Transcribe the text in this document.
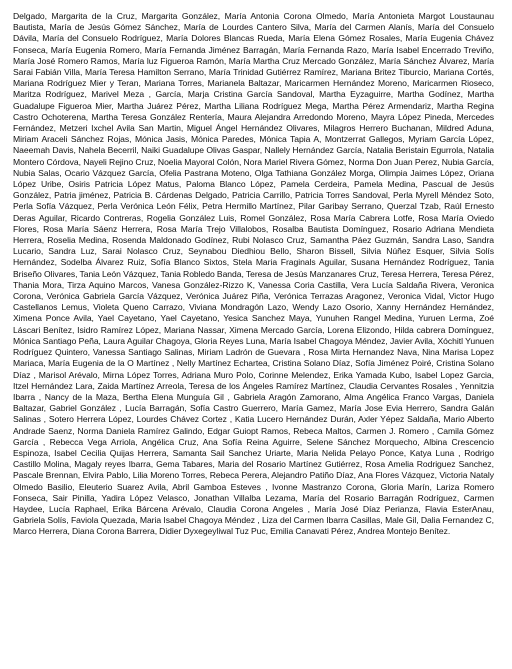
Delgado, Margarita de la Cruz, Margarita González, María Antonia Corona Olmedo, María Antonieta Margot Loustaunau Bautista, María de Jesús Gómez Sánchez, María de Lourdes Cantero Silva, María del Carmen Alanís, María del Consuelo Dávila, María del Consuelo Rodríguez, María Dolores Blancas Rueda, María Elena Gómez Rosales, María Eugenia Chávez Fonseca, María Eugenia Romero, María Fernanda Jiménez Barragán, María Fernanda Razo, María Isabel Encerrado Treviño, María José Romero Ramos, María luz Figueroa Ramón, María Martha Cruz Mercado González, María Sánchez Álvarez, María Sarai Fabián Villa, María Teresa Hamilton Serrano, María Trinidad Gutiérrez Ramírez, Mariana Britez Tiburcio, Mariana Cortés, Mariana Rodríguez Mier y Teran, Mariana Torres, Marianela Baltazar, Maricarmen Hernández Moreno, Maricarmen Rioseco, Maritza Rodríguez, Marivel Meza , García, Marja Cristina García Sandoval, Martha Eyzaguirre, Martha Godínez, Martha Guadalupe Figueroa Mier, Martha Juárez Pérez, Martha Liliana Rodríguez Mega, Martha Pérez Armendariz, Martha Regina Castro Ochoterena, Martha Teresa González Rentería, Maura Alejandra Arredondo Moreno, Mayra López Pineda, Mercedes Fernández, Metzeri Ixchel Avila San Martin, Miguel Ángel Hernández Olivares, Milagros Herrero Buchanan, Mildred Aduna, Miriam Araceli Sánchez Rojas, Mónica Jasis, Mónica Paredes, Mónica Tapia A, Montzerrat Gallegos, Myriam García López, Naeemah Davis, Nahela Becerril, Naiki Guadalupe Olivas Gaspar, Nallely Hernández García, Natalia Beristain Egurrola, Natalia Montero Córdova, Nayeli Rejino Cruz, Noelia Mayoral Colón, Nora Mariel Rivera Gómez, Norma Don Juan Perez, Nubia García, Nubia Salas, Ocario Vázquez García, Ofelia Pastrana Moteno, Olga Tathiana González Morga, Olimpia Jaimes López, Oriana López Uribe, Osiris Patricia López Matus, Paloma Blanco López, Pamela Cerdeira, Pamela Medina, Pascual de Jesús González, Patria jiménez, Patricia B. Cárdenas Delgado, Patricia Carrillo, Patricia Torres Sandoval, Perla Myrell Méndez Soto, Perla Sofía Vázquez, Perla Verónica León Félix, Petra Hermillo Martínez, Pilar Garibay Serrano, Querzal Tzab, Raúl Ernesto Deras Aguilar, Ricardo Contreras, Rogelia González Luis, Romel González, Rosa María Cabrera Lotfe, Rosa María Oviedo Flores, Rosa María Sáenz Herrera, Rosa María Trejo Villalobos, Rosalba Bautista Domínguez, Rosario Adriana Mendieta Herrera, Roselia Medina, Rosenda Maldonado Godínez, Rubi Nolasco Cruz, Samantha Páez Guzmán, Sandra Laso, Sandra Lucario, Sandra Luz, Sarai Nolasco Cruz, Seynabou Diedhiou Bello, Sharon Bissell, Silvia Núñez Esquer, Silvia Solís Hernández, Sodelba Álvarez Ruiz, Sofía Blanco Sixtos, Stela Maria Fraginals Aguilar, Susana Hernández Rodríguez, Tania Briseño Olivares, Tania León Vázquez, Tania Robledo Banda, Teresa de Jesús Manzanares Cruz, Teresa Herrera, Teresa Pérez, Thania Mora, Tirza Aquino Marcos, Vanesa González-Rizzo K, Vanessa Coria Castilla, Vera Lucía Saldaña Rivera, Veronica Corona, Verónica Gabriela García Vázquez, Verónica Juárez Piña, Verónica Terrazas Aragonez, Veronica Vidal, Victor Hugo Castellanos Lemus, Violeta Queno Carrazo, Viviana Mondragón Lazo, Wendy Lazo Osorio, Xanny Hernández Hernández, Ximena Ponce Avila, Yael Cayetano, Yael Cayetano, Yesica Sanchez Maya, Yunuhen Rangel Medina, Yuruen Lerma, Zoé Láscari Benítez, Isidro Ramírez López, Mariana Nassar, Ximena Mercado García, Lorena Elizondo, Hilda cabrera Domínguez, Mónica Santiago Peña, Laura Aguilar Chagoya, Gloria Reyes Luna, María Isabel Chagoya Méndez, Javier Avila, Xóchitl Yunuen Rodríguez Quintero, Vanessa Santiago Salinas, Miriam Ladrón de Guevara , Rosa Mirta Hernandez Nava, Nina Marisa Lopez Mariaca, María Eugenia de la O Martínez , Nelly Martínez Echartea, Cristina Solano Díaz, Sofía Jiménez Poiré, Cristina Solano Díaz , Marisol Arévalo, Mirna López Torres, Adriana Muro Polo, Corinne Melendez, Erika Yamada Kubo, Isabel Lopez Garcia, Itzel Hernández Lara, Zaida Martínez Arreola, Teresa de los Ángeles Ramírez Martínez, Claudia Cervantes Rosales , Yennitzia Ibarra , Nancy de la Maza, Bertha Elena Munguía Gil , Gabriela Aragón Zamorano, Alma Angélica Franco Vargas, Daniela Baltazar, Gabriel González , Lucía Barragán, Sofía Castro Guerrero, María Gamez, María Jose Evia Herrero, Sandra Galán Salinas , Sotero Herrera López, Lourdes Chávez Cortez , Katia Lucero Hernández Durán, Axler Yépez Saldaña, Mario Alberto Andrade Saenz, Norma Daniela Ramírez Galindo, Edgar Guiopt Ramos, Rebeca Maltos, Carmen J. Romero , Camila Gómez García , Rebecca Vega Arriola, Angélica Cruz, Ana Sofía Reina Aguirre, Selene Sánchez Morquecho, Albina Crescencio Espinoza, Isabel Cecilia Quijas Herrera, Samanta Sail Sanchez Uriarte, Maria Nelida Pelayo Ponce, Katya Luna , Rodrigo Castillo Molina, Magaly reyes Ibarra, Gema Tabares, Maria del Rosario Martínez Gutiérrez, Rosa Amelia Rodriguez Sanchez, Pascale Brennan, Elvira Pablo, Lilia Moreno Torres, Rebeca Perera, Alejandro Patiño Díaz, Ana Flores Vázquez, Victoria Nataly Olmedo Basilio, Eleuterio Suarez Avila, Abril Gamboa Esteves , Ivonne Mastranzo Corona, Gloria Marín, Lariza Romero Fonseca, Sair Pinilla, Yadira López Velasco, Jonathan Villalba Lezama, María del Rosario Barragán Rodríguez, Carmen Haydee, Lucía Raphael, Erika Bárcena Arévalo, Claudia Corona Angeles , María José Díaz Perianza, Flavia EsterAnau, Gabriela Solís, Faviola Quezada, Maria Isabel Chagoya Méndez , Liza del Carmen Ibarra Casillas, Male Gil, Dalia Fernandez C, Marco Herrera, Diana Corona Barrera, Didier Dyxegeyliwal Tuz Puc, Emilia Canavati Pérez, Andrea Montejo Benítez.
